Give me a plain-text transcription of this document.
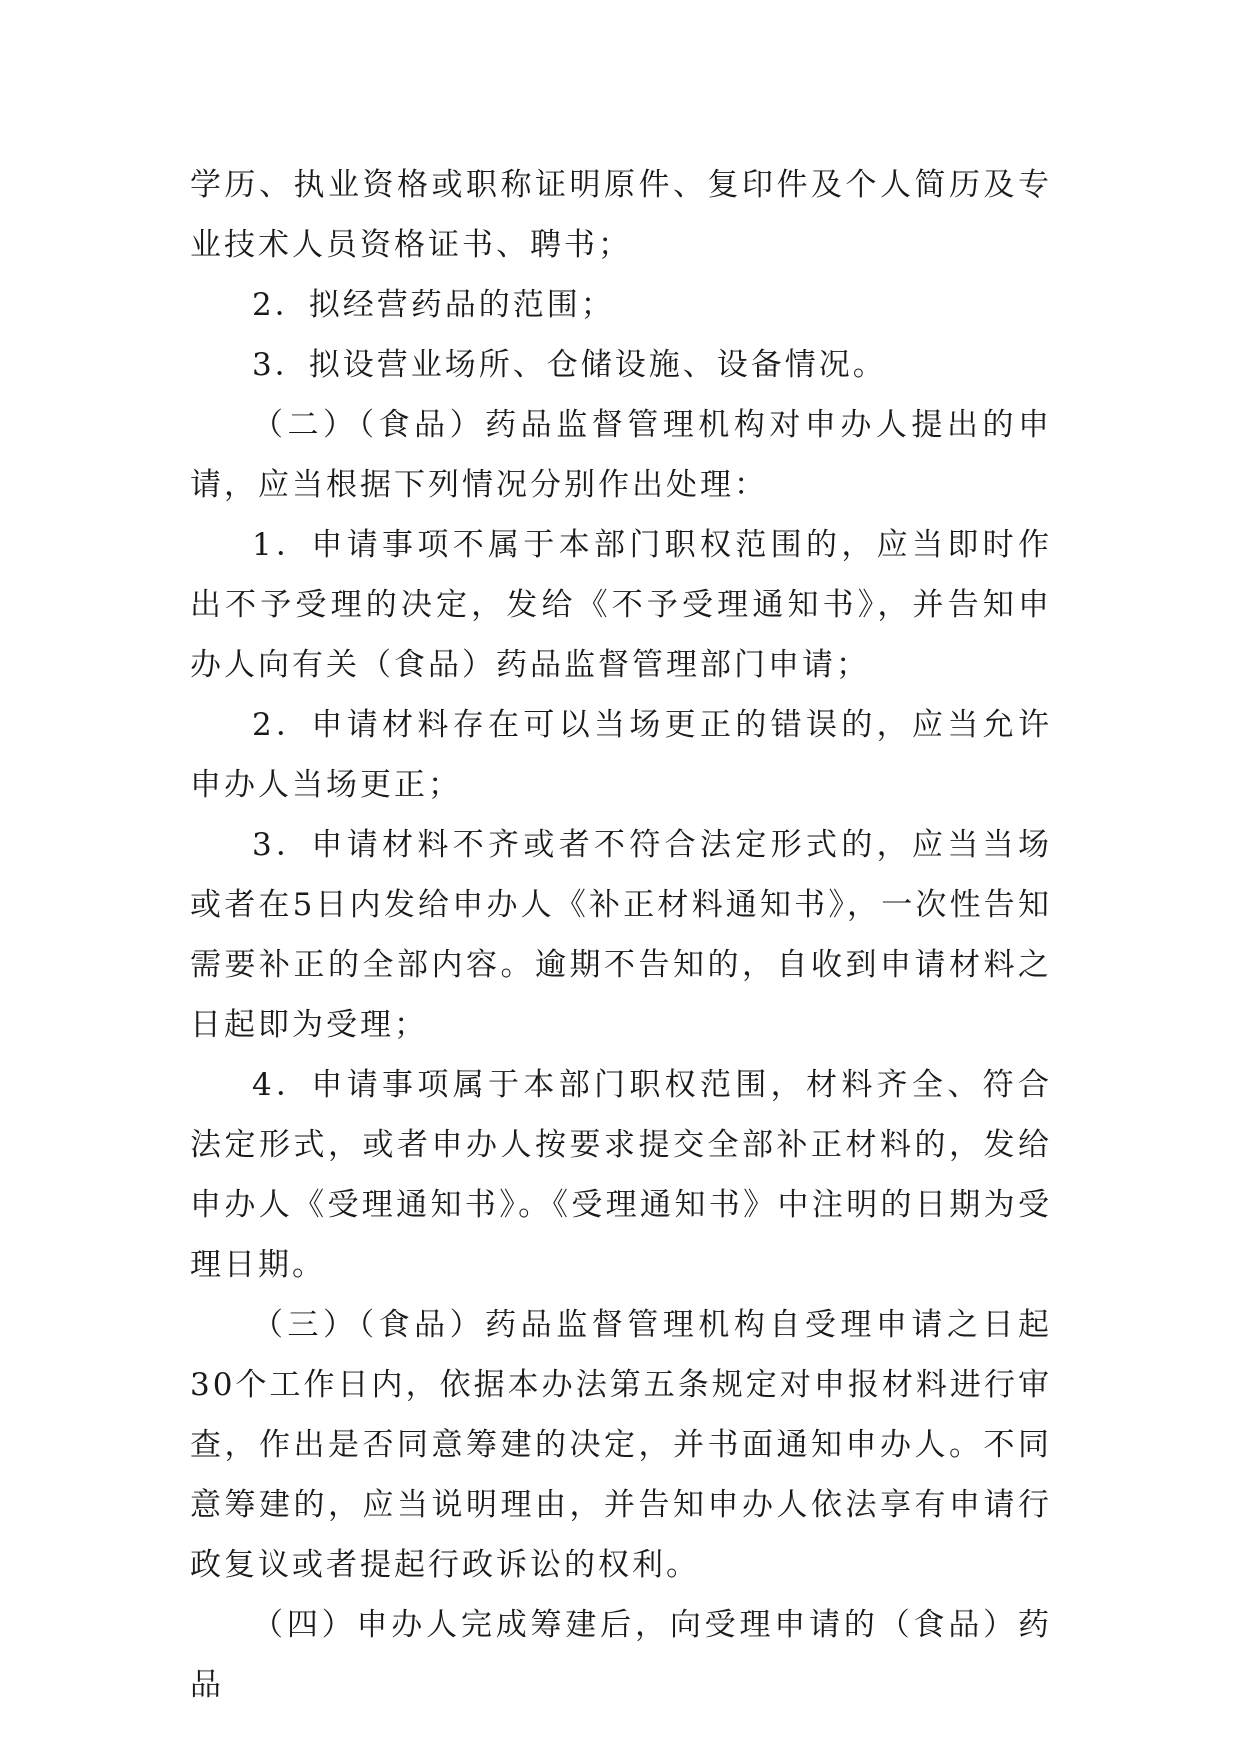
学历、执业资格或职称证明原件、复印件及个人简历及专业技术人员资格证书、聘书；

2．拟经营药品的范围；

3．拟设营业场所、仓储设施、设备情况。

（二）（食品）药品监督管理机构对申办人提出的申请，应当根据下列情况分别作出处理：

1．申请事项不属于本部门职权范围的，应当即时作出不予受理的决定，发给《不予受理通知书》，并告知申办人向有关（食品）药品监督管理部门申请；

2．申请材料存在可以当场更正的错误的，应当允许申办人当场更正；

3．申请材料不齐或者不符合法定形式的，应当当场或者在5日内发给申办人《补正材料通知书》，一次性告知需要补正的全部内容。逾期不告知的，自收到申请材料之日起即为受理；

4．申请事项属于本部门职权范围，材料齐全、符合法定形式，或者申办人按要求提交全部补正材料的，发给申办人《受理通知书》。《受理通知书》中注明的日期为受理日期。

（三）（食品）药品监督管理机构自受理申请之日起30个工作日内，依据本办法第五条规定对申报材料进行审查，作出是否同意筹建的决定，并书面通知申办人。不同意筹建的，应当说明理由，并告知申办人依法享有申请行政复议或者提起行政诉讼的权利。

（四）申办人完成筹建后，向受理申请的（食品）药品
